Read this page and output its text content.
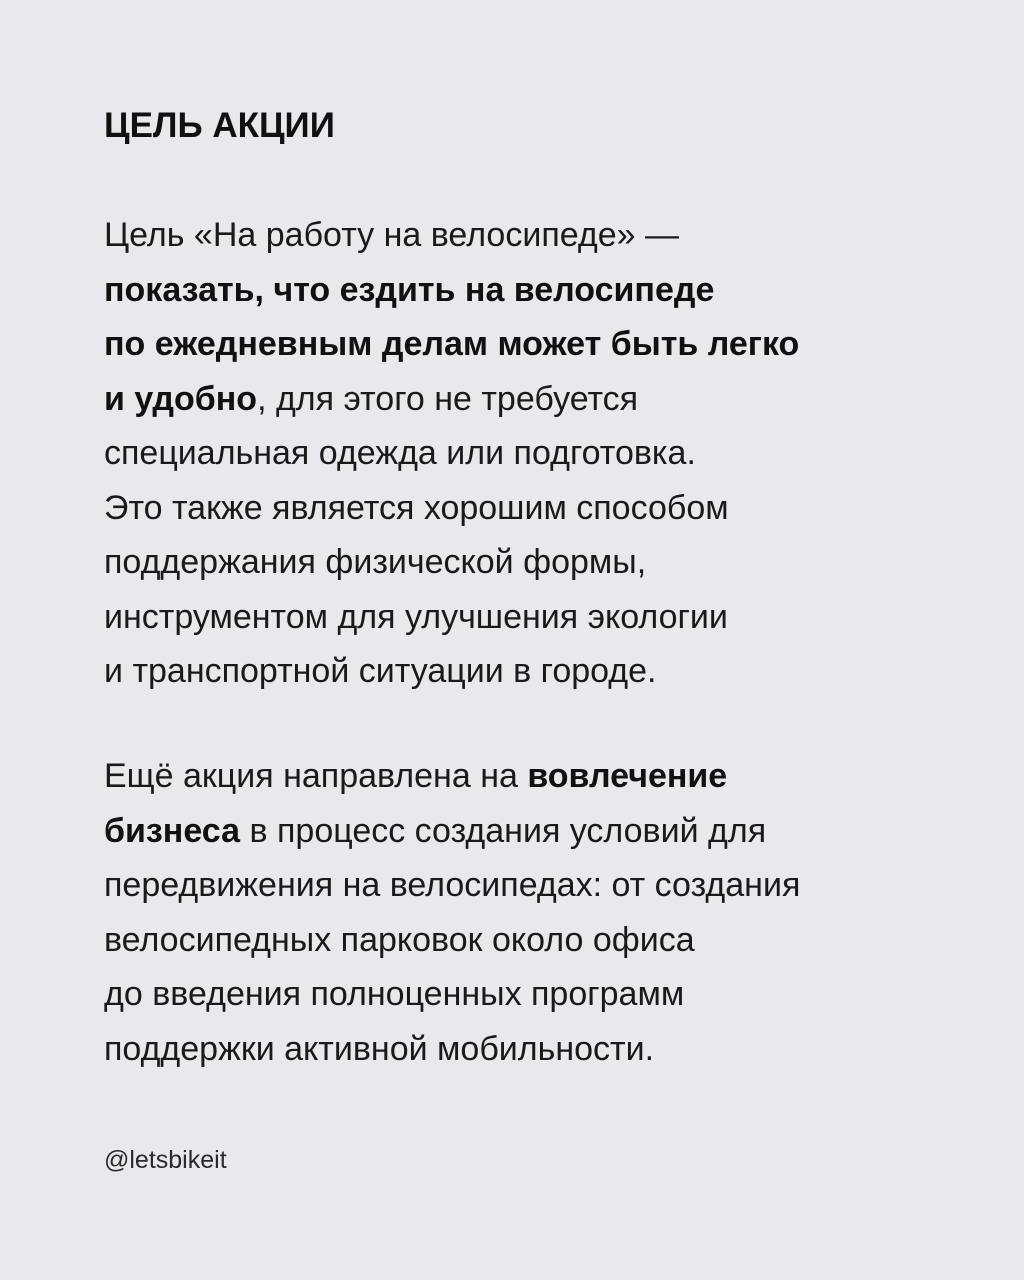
ЦЕЛЬ АКЦИИ

Цель «На работу на велосипеде» —
показать, что ездить на велосипеде
по ежедневным делам может быть легко
и удобно, для этого не требуется
специальная одежда или подготовка.
Это также является хорошим способом
поддержания физической формы,
инструментом для улучшения экологии
и транспортной ситуации в городе.

Ещё акция направлена на вовлечение
бизнеса в процесс создания условий для
передвижения на велосипедах: от создания
велосипедных парковок около офиса
до введения полноценных программ
поддержки активной мобильности.

@letsbikeit
